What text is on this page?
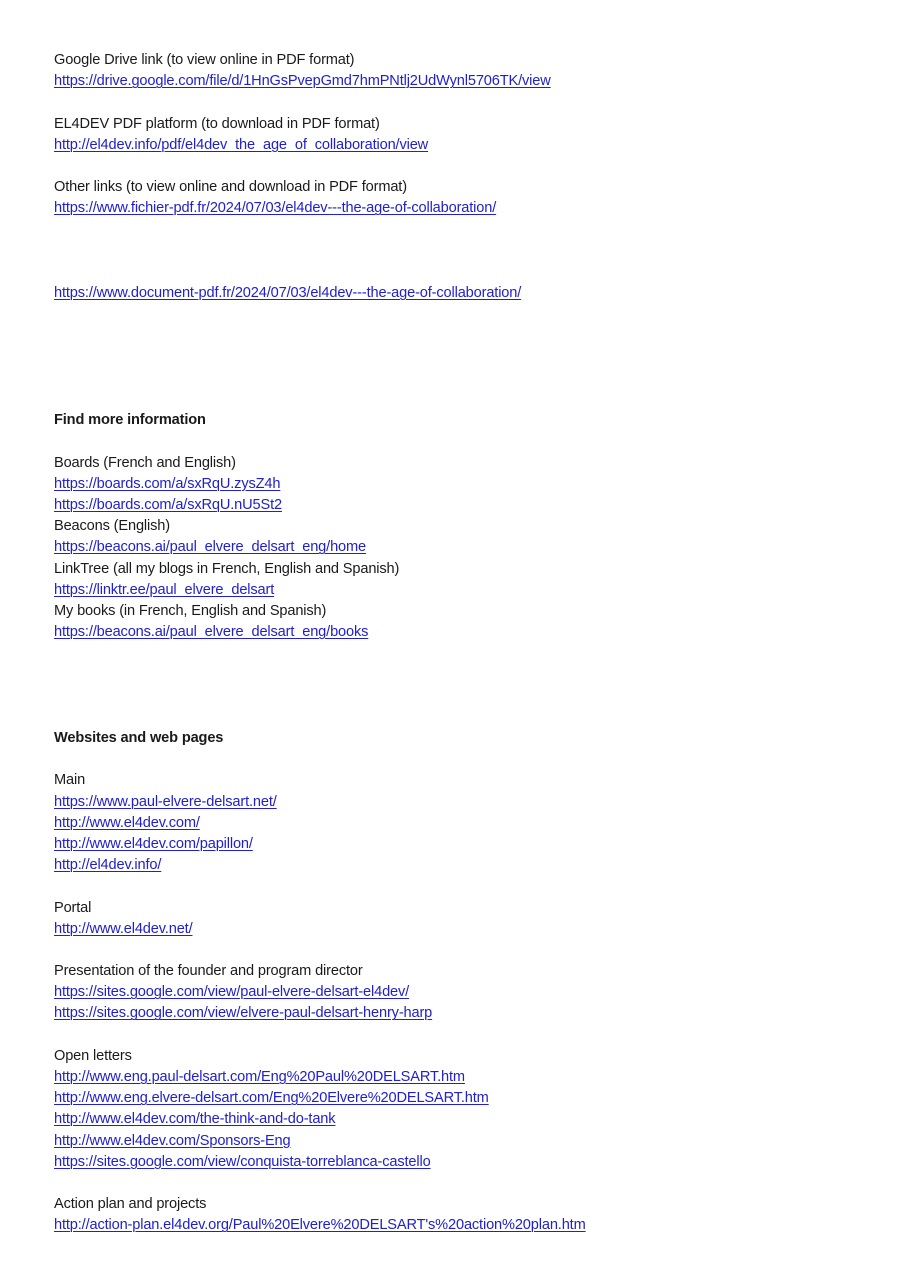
Google Drive link (to view online in PDF format)
https://drive.google.com/file/d/1HnGsPvepGmd7hmPNtlj2UdWynl5706TK/view
EL4DEV PDF platform (to download in PDF format)
http://el4dev.info/pdf/el4dev_the_age_of_collaboration/view
Other links (to view online and download in PDF format)
https://www.fichier-pdf.fr/2024/07/03/el4dev---the-age-of-collaboration/
https://www.document-pdf.fr/2024/07/03/el4dev---the-age-of-collaboration/
Find more information
Boards (French and English)
https://boards.com/a/sxRqU.zysZ4h
https://boards.com/a/sxRqU.nU5St2
Beacons (English)
https://beacons.ai/paul_elvere_delsart_eng/home
LinkTree (all my blogs in French, English and Spanish)
https://linktr.ee/paul_elvere_delsart
My books (in French, English and Spanish)
https://beacons.ai/paul_elvere_delsart_eng/books
Websites and web pages
Main
https://www.paul-elvere-delsart.net/
http://www.el4dev.com/
http://www.el4dev.com/papillon/
http://el4dev.info/
Portal
http://www.el4dev.net/
Presentation of the founder and program director
https://sites.google.com/view/paul-elvere-delsart-el4dev/
https://sites.google.com/view/elvere-paul-delsart-henry-harp
Open letters
http://www.eng.paul-delsart.com/Eng%20Paul%20DELSART.htm
http://www.eng.elvere-delsart.com/Eng%20Elvere%20DELSART.htm
http://www.el4dev.com/the-think-and-do-tank
http://www.el4dev.com/Sponsors-Eng
https://sites.google.com/view/conquista-torreblanca-castello
Action plan and projects
http://action-plan.el4dev.org/Paul%20Elvere%20DELSART's%20action%20plan.htm
